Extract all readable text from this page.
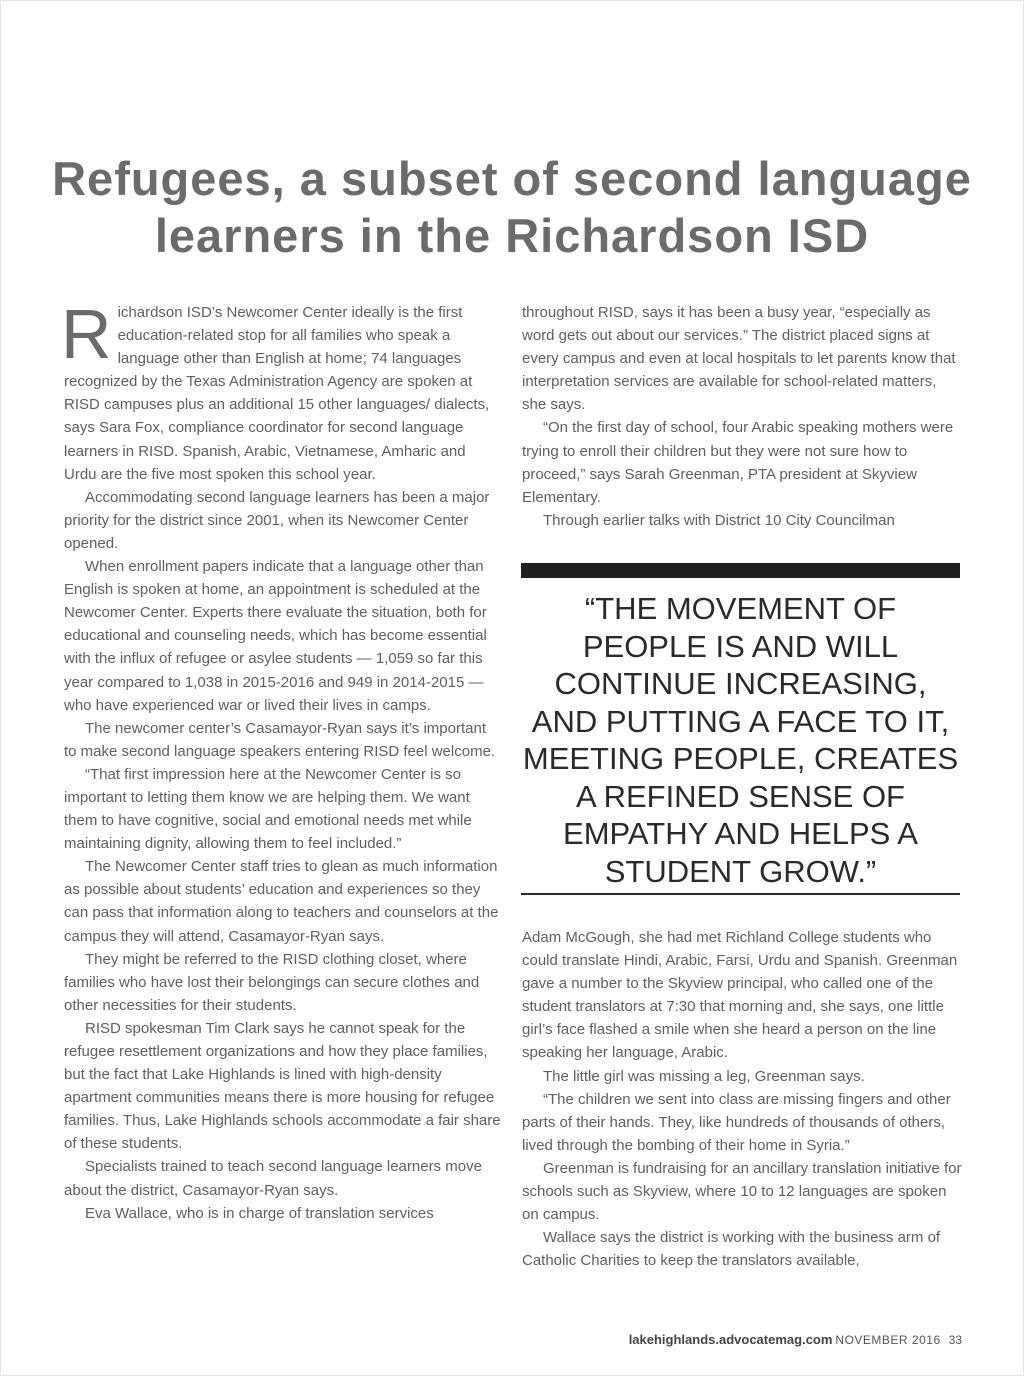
Refugees, a subset of second language learners in the Richardson ISD

Richardson ISD’s Newcomer Center ideally is the first education-related stop for all families who speak a language other than English at home; 74 languages recognized by the Texas Administration Agency are spoken at RISD campuses plus an additional 15 other languages/ dialects, says Sara Fox, compliance coordinator for second language learners in RISD. Spanish, Arabic, Vietnamese, Amharic and Urdu are the five most spoken this school year.

Accommodating second language learners has been a major priority for the district since 2001, when its Newcomer Center opened.

When enrollment papers indicate that a language other than English is spoken at home, an appointment is scheduled at the Newcomer Center. Experts there evaluate the situation, both for educational and counseling needs, which has become essential with the influx of refugee or asylee students — 1,059 so far this year compared to 1,038 in 2015-2016 and 949 in 2014-2015 — who have experienced war or lived their lives in camps.

The newcomer center’s Casamayor-Ryan says it’s important to make second language speakers entering RISD feel welcome.

“That first impression here at the Newcomer Center is so important to letting them know we are helping them. We want them to have cognitive, social and emotional needs met while maintaining dignity, allowing them to feel included.”

The Newcomer Center staff tries to glean as much information as possible about students’ education and experiences so they can pass that information along to teachers and counselors at the campus they will attend, Casamayor-Ryan says.

They might be referred to the RISD clothing closet, where families who have lost their belongings can secure clothes and other necessities for their students.

RISD spokesman Tim Clark says he cannot speak for the refugee resettlement organizations and how they place families, but the fact that Lake Highlands is lined with high-density apartment communities means there is more housing for refugee families. Thus, Lake Highlands schools accommodate a fair share of these students.

Specialists trained to teach second language learners move about the district, Casamayor-Ryan says.

Eva Wallace, who is in charge of translation services

throughout RISD, says it has been a busy year, “especially as word gets out about our services.” The district placed signs at every campus and even at local hospitals to let parents know that interpretation services are available for school-related matters, she says.

“On the first day of school, four Arabic speaking mothers were trying to enroll their children but they were not sure how to proceed,” says Sarah Greenman, PTA president at Skyview Elementary.

Through earlier talks with District 10 City Councilman

“THE MOVEMENT OF PEOPLE IS AND WILL CONTINUE INCREASING, AND PUTTING A FACE TO IT, MEETING PEOPLE, CREATES A REFINED SENSE OF EMPATHY AND HELPS A STUDENT GROW.”

Adam McGough, she had met Richland College students who could translate Hindi, Arabic, Farsi, Urdu and Spanish. Greenman gave a number to the Skyview principal, who called one of the student translators at 7:30 that morning and, she says, one little girl’s face flashed a smile when she heard a person on the line speaking her language, Arabic.

The little girl was missing a leg, Greenman says.

“The children we sent into class are missing fingers and other parts of their hands. They, like hundreds of thousands of others, lived through the bombing of their home in Syria.”

Greenman is fundraising for an ancillary translation initiative for schools such as Skyview, where 10 to 12 languages are spoken on campus.

Wallace says the district is working with the business arm of Catholic Charities to keep the translators available,

lakehighlands.advocatemag.com NOVEMBER 2016 33
